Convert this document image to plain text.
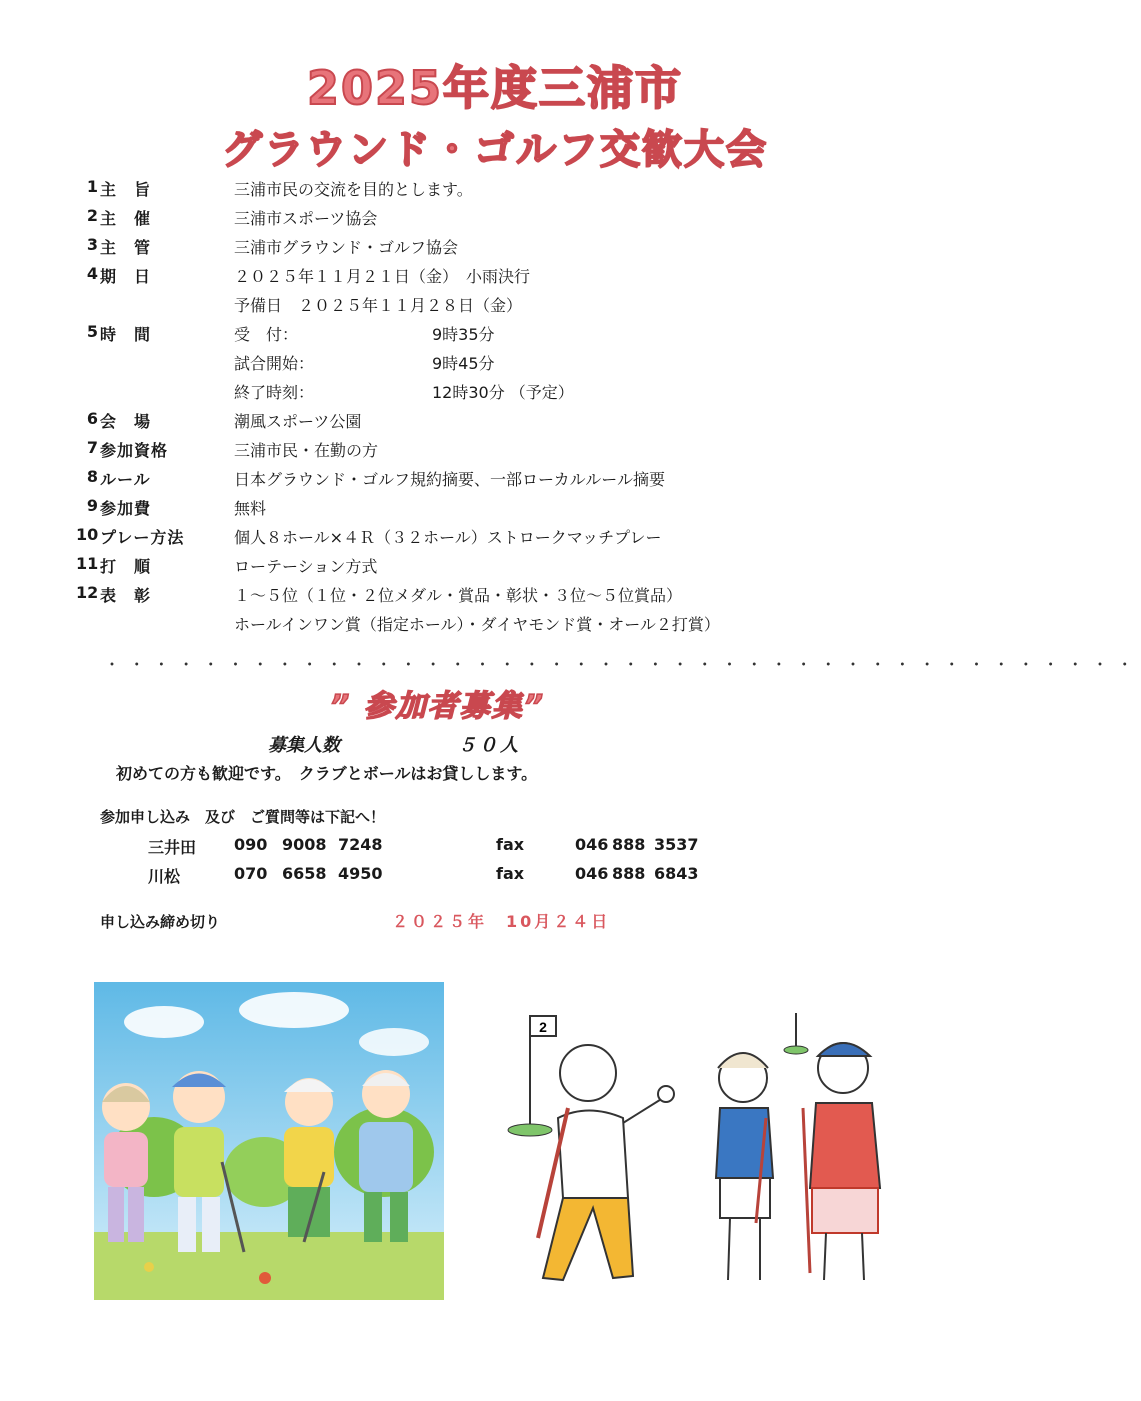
2025年度三浦市
グラウンド・ゴルフ交歓大会
1 主　旨	三浦市民の交流を目的とします。
2 主　催	三浦市スポーツ協会
3 主　管	三浦市グラウンド・ゴルフ協会
4 期　日	２０２５年１１月２１日（金）　小雨決行
予備日　２０２５年１１月２８日（金）
5 時　間	受　付：	9時35分
試合開始：	9時45分
終了時刻：	12時30分 （予定）
6 会　場	潮風スポーツ公園
7 参加資格	三浦市民・在勤の方
8 ルール	日本グラウンド・ゴルフ規約摘要、一部ローカルルール摘要
9 参加費	無料
10 プレー方法	個人８ホール×４Ｒ（３２ホール）ストロークマッチプレー
11 打　順	ローテーション方式
12 表　彰	１～５位（１位・２位メダル・賞品・彰状・３位～５位賞品）
ホールインワン賞（指定ホール）・ダイヤモンド賞・オール２打賞）
・・・・・・・・・・・・・・・・・・・・・・・・・・・・・・・・・・・・・・・・・・
” 参加者募集”
募集人数	５０人
初めての方も歓迎です。　クラブとボールはお貸しします。
参加申し込み　及び　ご質問等は下記へ！
三井田 090 9008 7248	fax	046 888 3537
川松	070 6658 4950	fax	046 888 6843
申し込み締め切り	２０２５年　10月２４日
2
